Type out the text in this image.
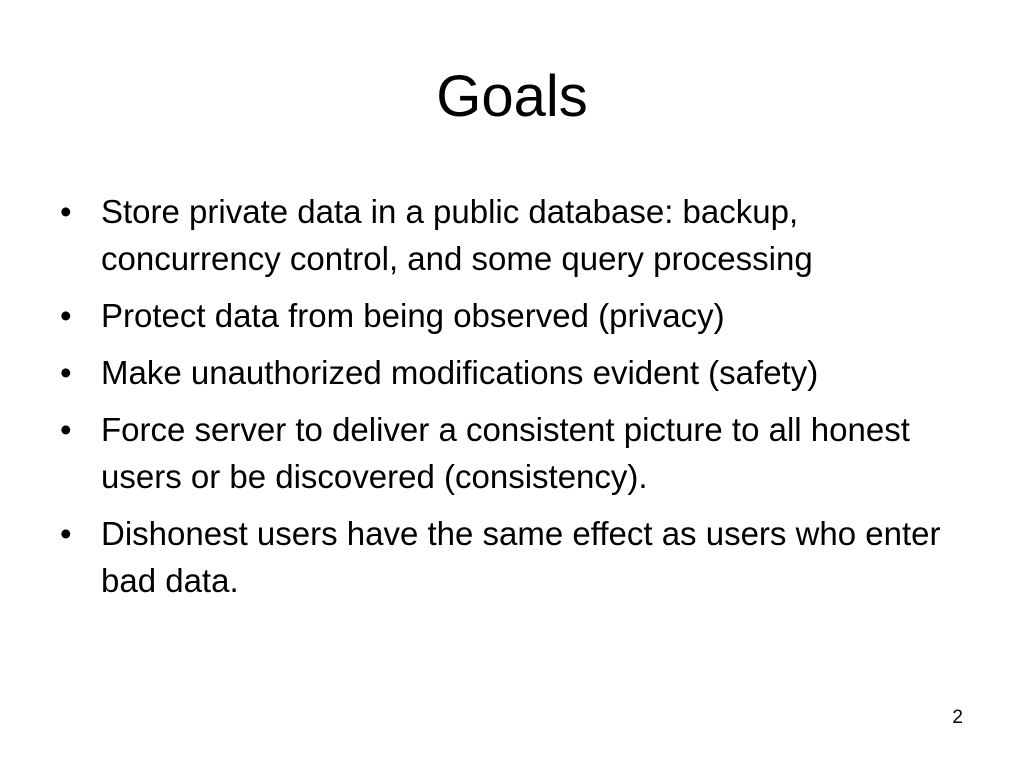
Goals
• Store private data in a public database: backup, concurrency control, and some query processing
• Protect data from being observed (privacy)
• Make unauthorized modifications evident (safety)
• Force server to deliver a consistent picture to all honest users or be discovered (consistency).
• Dishonest users have the same effect as users who enter bad data.
2
